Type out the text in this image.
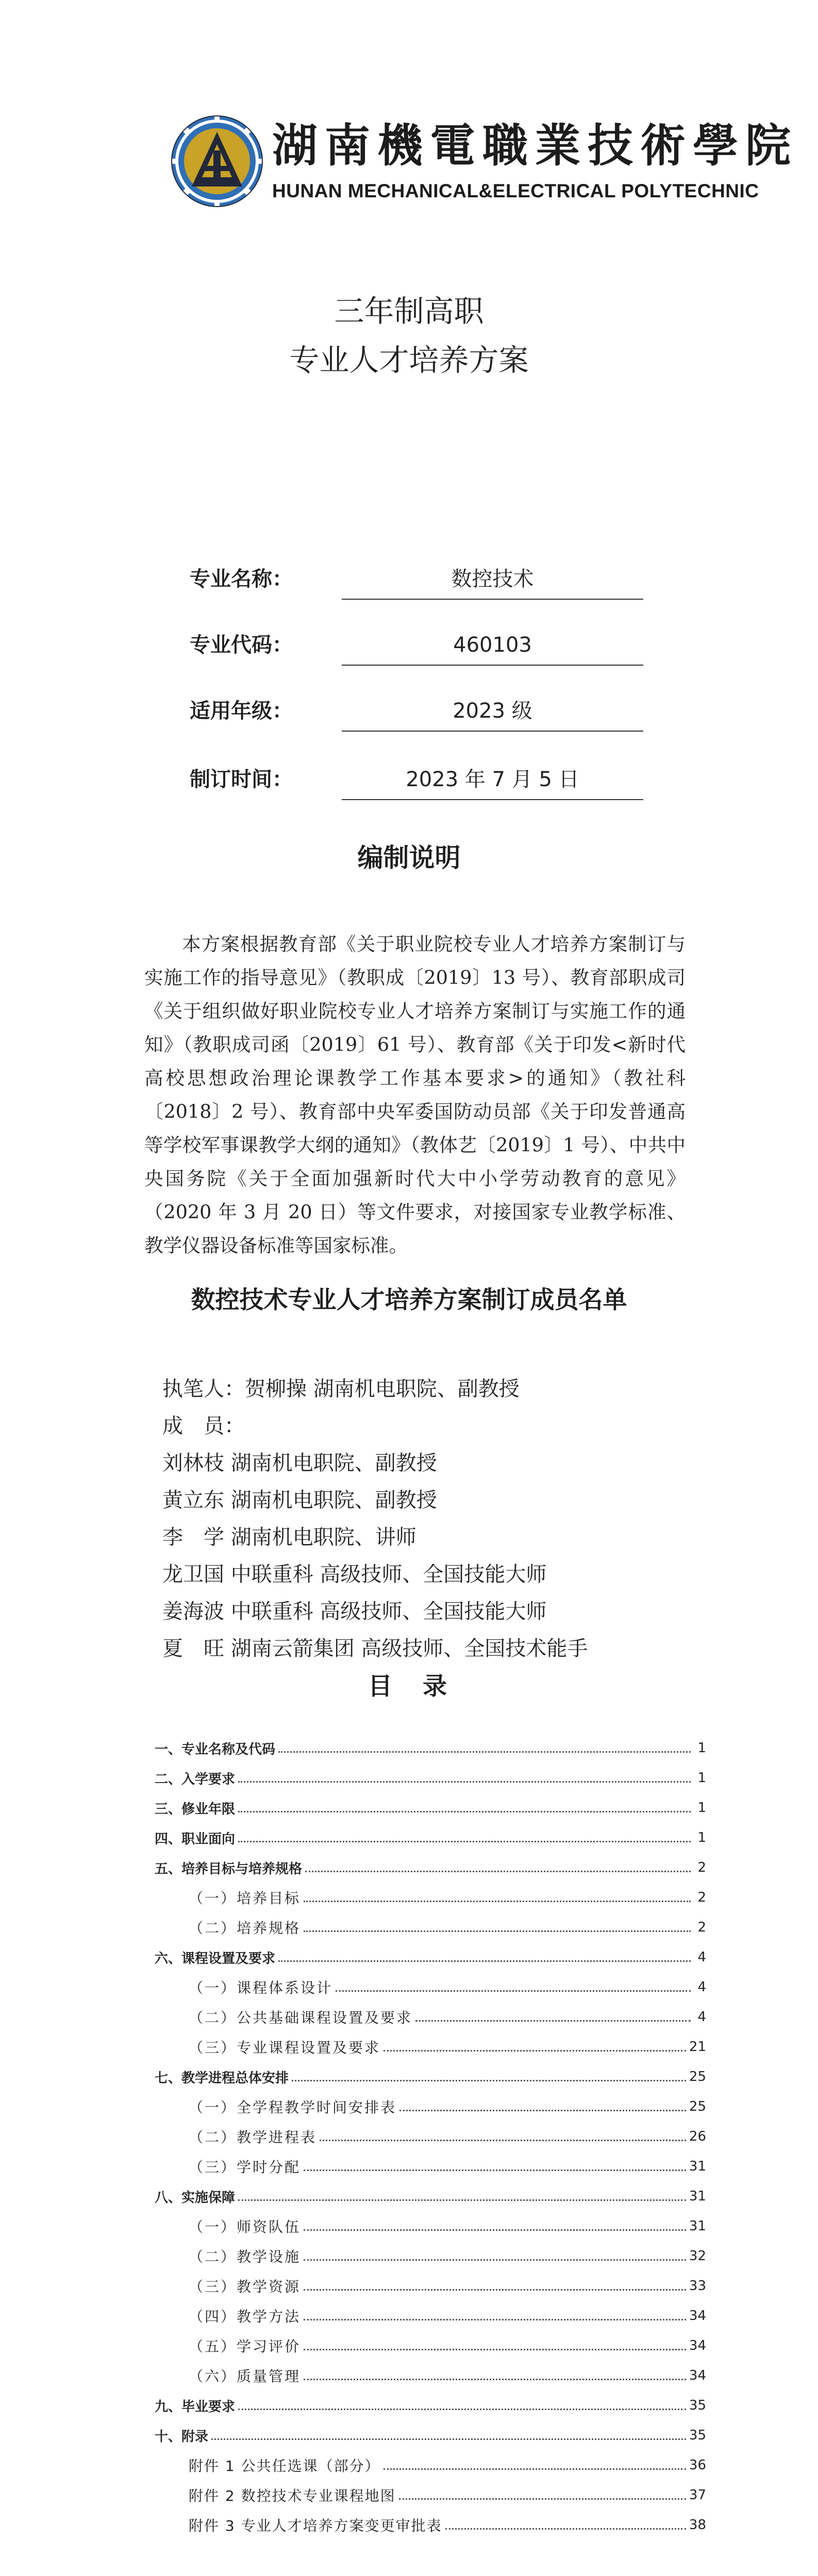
湖南機電職業技術學院
HUNAN MECHANICAL&ELECTRICAL POLYTECHNIC
三年制高职
专业人才培养方案
专业名称：	数控技术
专业代码：	460103
适用年级：	2023 级
制订时间：	2023 年 7 月 5 日
编制说明

本方案根据教育部《关于职业院校专业人才培养方案制订与实施工作的指导意见》（教职成〔2019〕13 号）、教育部职成司《关于组织做好职业院校专业人才培养方案制订与实施工作的通知》（教职成司函〔2019〕61 号）、教育部《关于印发<新时代高校思想政治理论课教学工作基本要求>的通知》（教社科〔2018〕2 号）、教育部中央军委国防动员部《关于印发普通高等学校军事课教学大纲的通知》（教体艺〔2019〕1 号）、中共中央国务院《关于全面加强新时代大中小学劳动教育的意见》（2020 年 3 月 20 日）等文件要求，对接国家专业教学标准、教学仪器设备标准等国家标准。

数控技术专业人才培养方案制订成员名单
执笔人：贺柳操 湖南机电职院、副教授
成　员：
刘林枝 湖南机电职院、副教授
黄立东 湖南机电职院、副教授
李　学 湖南机电职院、讲师
龙卫国 中联重科 高级技师、全国技能大师
姜海波 中联重科 高级技师、全国技能大师
夏　旺 湖南云箭集团 高级技师、全国技术能手
目　录
一、专业名称及代码	1
二、入学要求	1
三、修业年限	1
四、职业面向	1
五、培养目标与培养规格	2
（一）培养目标	2
（二）培养规格	2
六、课程设置及要求	4
（一）课程体系设计	4
（二）公共基础课程设置及要求	4
（三）专业课程设置及要求	21
七、教学进程总体安排	25
（一）全学程教学时间安排表	25
（二）教学进程表	26
（三）学时分配	31
八、实施保障	31
（一）师资队伍	31
（二）教学设施	32
（三）教学资源	33
（四）教学方法	34
（五）学习评价	34
（六）质量管理	34
九、毕业要求	35
十、附录	35
附件 1 公共任选课（部分）	36
附件 2 数控技术专业课程地图	37
附件 3 专业人才培养方案变更审批表	38
